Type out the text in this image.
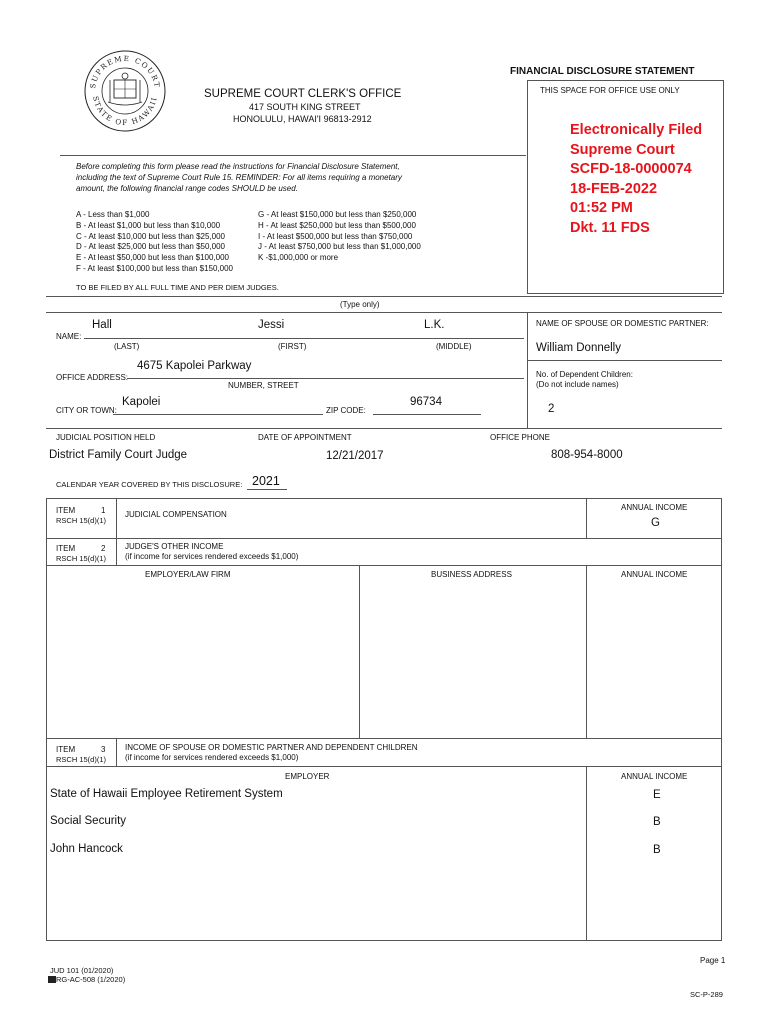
FINANCIAL DISCLOSURE STATEMENT
THIS SPACE FOR OFFICE USE ONLY
Electronically Filed
Supreme Court
SCFD-18-0000074
18-FEB-2022
01:52 PM
Dkt. 11 FDS
SUPREME COURT
STATE OF HAWAII	SUPREME COURT CLERK'S OFFICE
417 SOUTH KING STREET
HONOLULU, HAWAI'I 96813-2912
Before completing this form please read the instructions for Financial Disclosure Statement,
including the text of Supreme Court Rule 15. REMINDER: For all items requiring a monetary
amount, the following financial range codes SHOULD be used.
A - Less than $1,000
B - At least $1,000 but less than $10,000
C - At least $10,000 but less than $25,000
D - At least $25,000 but less than $50,000
E - At least $50,000 but less than $100,000
F - At least $100,000 but less than $150,000
G - At least $150,000 but less than $250,000
H - At least $250,000 but less than $500,000
I - At least $500,000 but less than $750,000
J - At least $750,000 but less than $1,000,000
K -$1,000,000 or more
TO BE FILED BY ALL FULL TIME AND PER DIEM JUDGES.
(Type only)
NAME:
Hall	Jessi	L.K.
(LAST)	(FIRST)	(MIDDLE)
NAME OF SPOUSE OR DOMESTIC PARTNER:
William Donnelly
OFFICE ADDRESS:
4675 Kapolei Parkway
NUMBER, STREET
No. of Dependent Children:
(Do not include names)
2
CITY OR TOWN:
Kapolei
ZIP CODE:
96734
JUDICIAL POSITION HELD	DATE OF APPOINTMENT	OFFICE PHONE
District Family Court Judge	12/21/2017	808-954-8000
CALENDAR YEAR COVERED BY THIS DISCLOSURE: 2021
ITEM	1
RSCH 15(d)(1)
JUDICIAL COMPENSATION
ANNUAL INCOME
G
ITEM	2
RSCH 15(d)(1)
JUDGE'S OTHER INCOME
(if income for services rendered exceeds $1,000)
EMPLOYER/LAW FIRM	BUSINESS ADDRESS	ANNUAL INCOME
ITEM	3
RSCH 15(d)(1)
INCOME OF SPOUSE OR DOMESTIC PARTNER AND DEPENDENT CHILDREN
(if income for services rendered exceeds $1,000)
EMPLOYER	ANNUAL INCOME
State of Hawaii Employee Retirement System	E
Social Security	B
John Hancock	B
Page 1
JUD 101 (01/2020)
RG-AC-508 (1/2020)
SC-P-289
